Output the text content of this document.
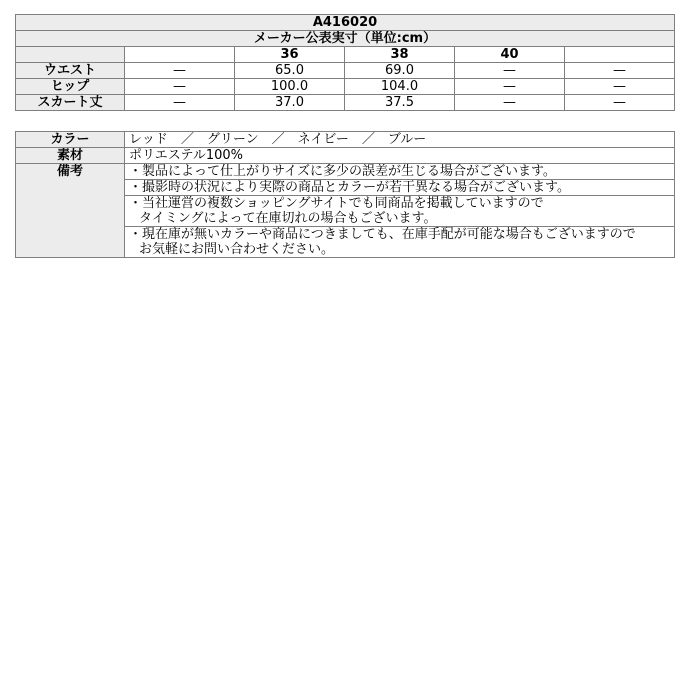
A416020					
メーカー公表実寸（単位:cm）					
		36	38	40	
ウエスト	—	65.0	69.0	—	—
ヒップ	—	100.0	104.0	—	—
スカート丈	—	37.0	37.5	—	—
カラー	レッド　／　グリーン　／　ネイビー　／　ブルー
素材	ポリエステル100%
備考	・製品によって仕上がりサイズに多少の誤差が生じる場合がございます。

	・撮影時の状況により実際の商品とカラーが若干異なる場合がございます。

	・当社運営の複数ショッピングサイトでも同商品を掲載していますので
タイミングによって在庫切れの場合もございます。

	・現在庫が無いカラーや商品につきましても、在庫手配が可能な場合もございますので
お気軽にお問い合わせください。
